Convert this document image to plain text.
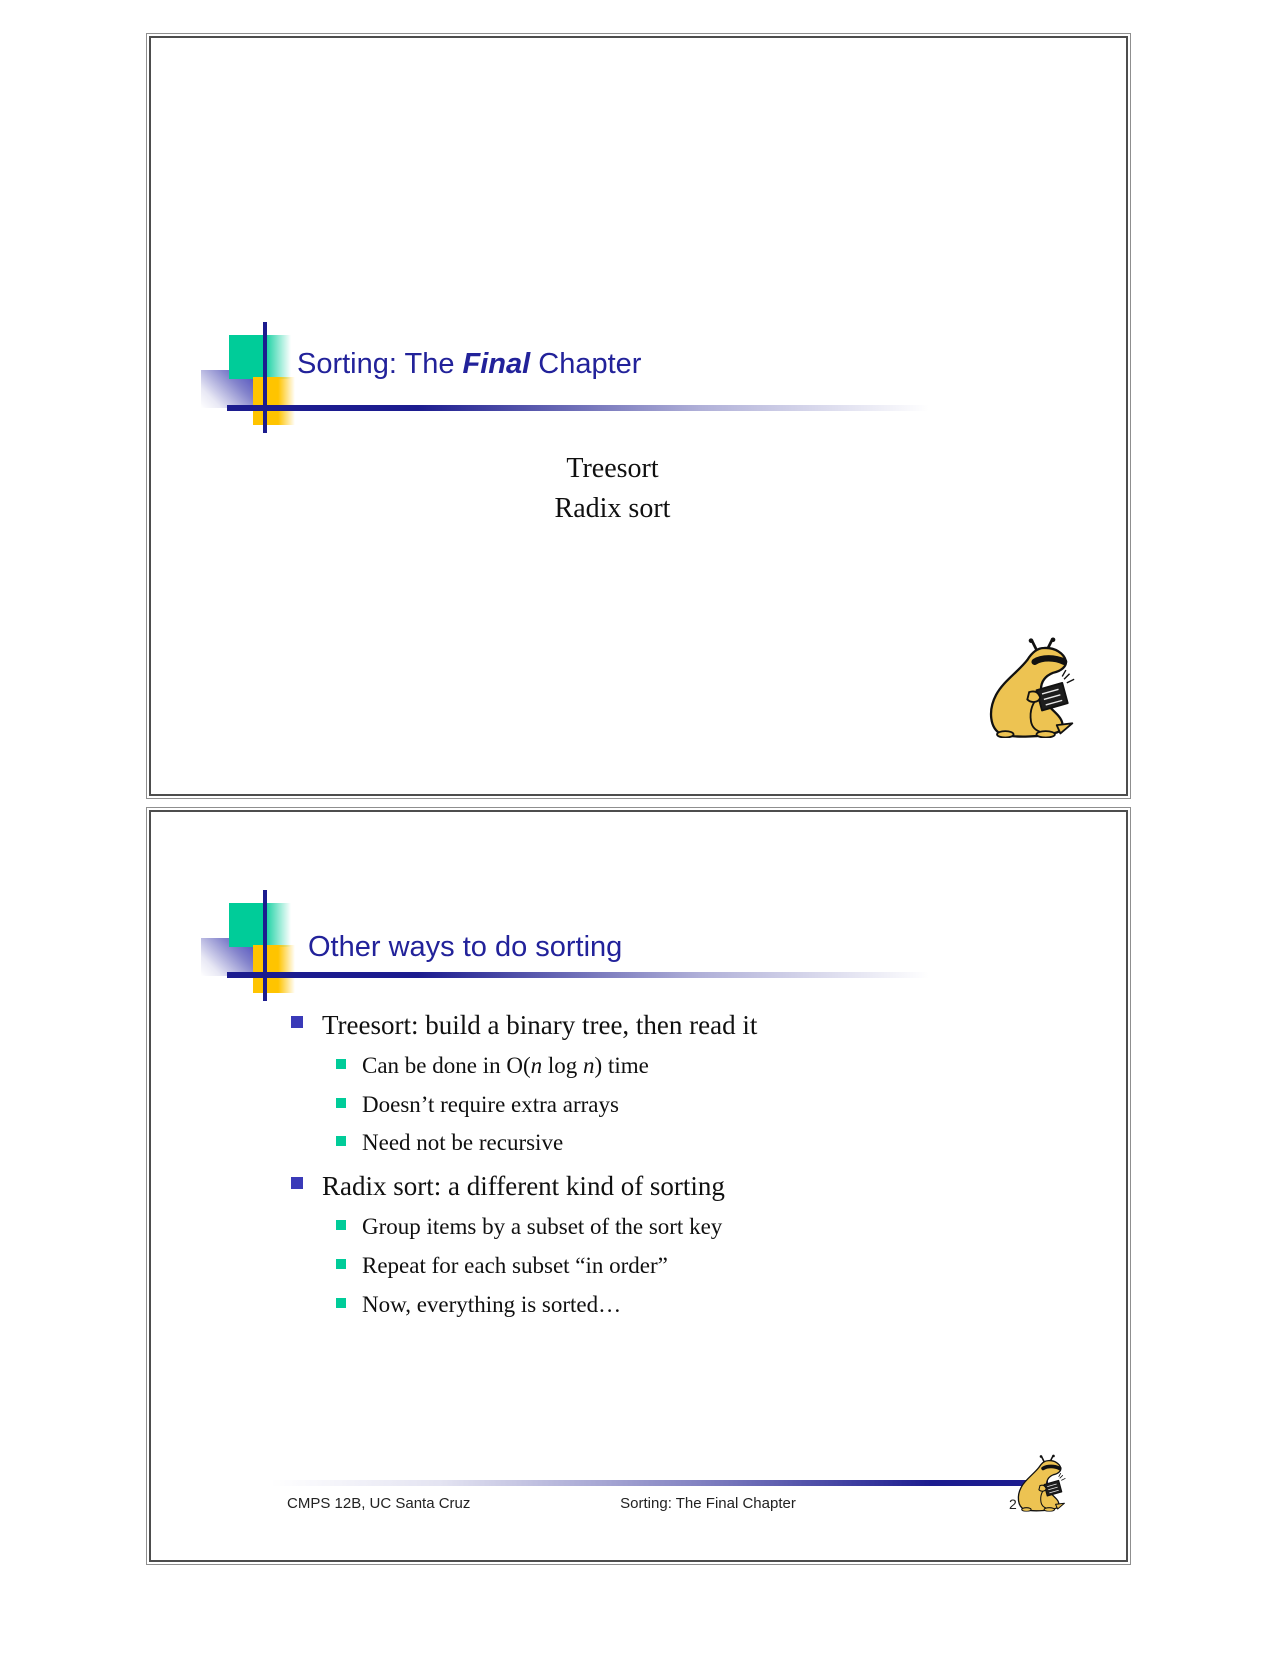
Sorting: The Final Chapter
Treesort
Radix sort
Other ways to do sorting
Treesort: build a binary tree, then read it
Can be done in O(n log n) time
Doesn’t require extra arrays
Need not be recursive
Radix sort: a different kind of sorting
Group items by a subset of the sort key
Repeat for each subset “in order”
Now, everything is sorted…
CMPS 12B, UC Santa Cruz	Sorting: The Final Chapter	2
